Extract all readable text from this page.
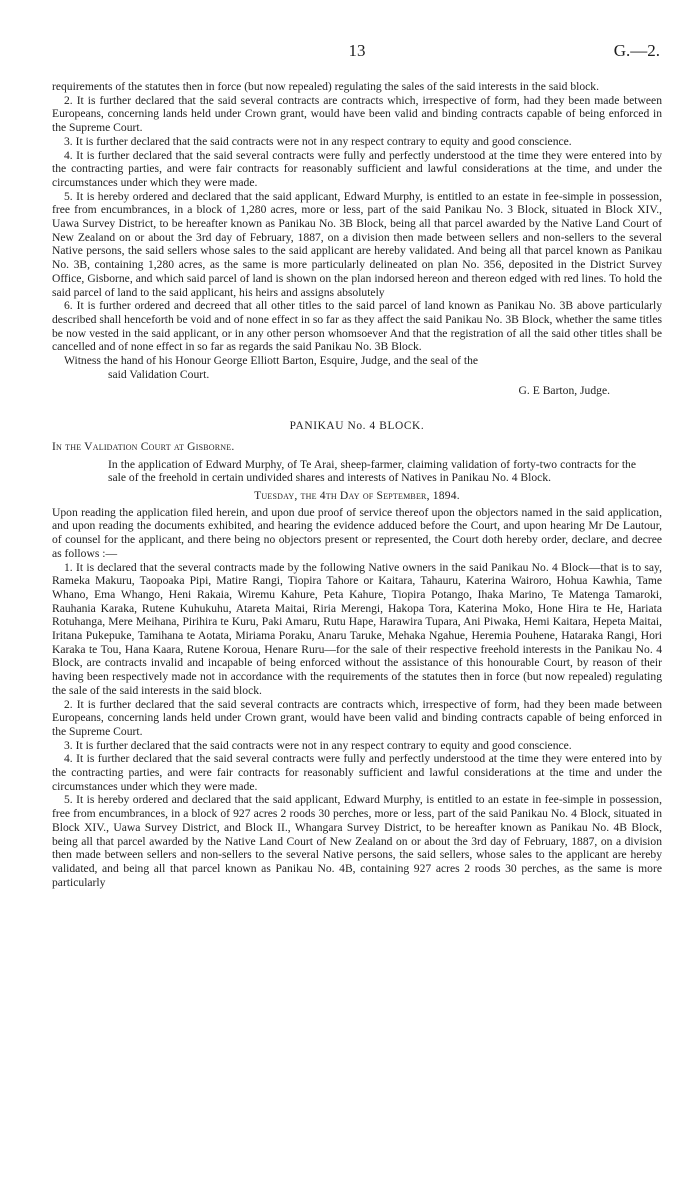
13	G.—2.

requirements of the statutes then in force (but now repealed) regulating the sales of the said interests in the said block.

2. It is further declared that the said several contracts are contracts which, irrespective of form, had they been made between Europeans, concerning lands held under Crown grant, would have been valid and binding contracts capable of being enforced in the Supreme Court.

3. It is further declared that the said contracts were not in any respect contrary to equity and good conscience.

4. It is further declared that the said several contracts were fully and perfectly understood at the time they were entered into by the contracting parties, and were fair contracts for reasonably sufficient and lawful considerations at the time, and under the circumstances under which they were made.

5. It is hereby ordered and declared that the said applicant, Edward Murphy, is entitled to an estate in fee-simple in possession, free from encumbrances, in a block of 1,280 acres, more or less, part of the said Panikau No. 3 Block, situated in Block XIV., Uawa Survey District, to be hereafter known as Panikau No. 3B Block, being all that parcel awarded by the Native Land Court of New Zealand on or about the 3rd day of February, 1887, on a division then made between sellers and non-sellers to the several Native persons, the said sellers whose sales to the said applicant are hereby validated. And being all that parcel known as Panikau No. 3B, containing 1,280 acres, as the same is more particularly delineated on plan No. 356, deposited in the District Survey Office, Gisborne, and which said parcel of land is shown on the plan indorsed hereon and thereon edged with red lines. To hold the said parcel of land to the said applicant, his heirs and assigns absolutely

6. It is further ordered and decreed that all other titles to the said parcel of land known as Panikau No. 3B above particularly described shall henceforth be void and of none effect in so far as they affect the said Panikau No. 3B Block, whether the same titles be now vested in the said applicant, or in any other person whomsoever And that the registration of all the said other titles shall be cancelled and of none effect in so far as regards the said Panikau No. 3B Block.

Witness the hand of his Honour George Elliott Barton, Esquire, Judge, and the seal of the

said Validation Court.

G. E Barton, Judge.

PANIKAU No. 4 BLOCK.

In the Validation Court at Gisborne.

In the application of Edward Murphy, of Te Arai, sheep-farmer, claiming validation of forty-two contracts for the sale of the freehold in certain undivided shares and interests of Natives in Panikau No. 4 Block.

Tuesday, the 4th Day of September, 1894.

Upon reading the application filed herein, and upon due proof of service thereof upon the objectors named in the said application, and upon reading the documents exhibited, and hearing the evidence adduced before the Court, and upon hearing Mr De Lautour, of counsel for the applicant, and there being no objectors present or represented, the Court doth hereby order, declare, and decree as follows :—

1. It is declared that the several contracts made by the following Native owners in the said Panikau No. 4 Block—that is to say, Rameka Makuru, Taopoaka Pipi, Matire Rangi, Tiopira Tahore or Kaitara, Tahauru, Katerina Wairoro, Hohua Kawhia, Tame Whano, Ema Whango, Heni Rakaia, Wiremu Kahure, Peta Kahure, Tiopira Potango, Ihaka Marino, Te Matenga Tamaroki, Rauhania Karaka, Rutene Kuhukuhu, Atareta Maitai, Riria Merengi, Hakopa Tora, Katerina Moko, Hone Hira te He, Hariata Rotuhanga, Mere Meihana, Pirihira te Kuru, Paki Amaru, Rutu Hape, Harawira Tupara, Ani Piwaka, Hemi Kaitara, Hepeta Maitai, Iritana Pukepuke, Tamihana te Aotata, Miriama Poraku, Anaru Taruke, Mehaka Ngahue, Heremia Pouhene, Hataraka Rangi, Hori Karaka te Tou, Hana Kaara, Rutene Koroua, Henare Ruru—for the sale of their respective freehold interests in the Panikau No. 4 Block, are contracts invalid and incapable of being enforced without the assistance of this honourable Court, by reason of their having been respectively made not in accordance with the requirements of the statutes then in force (but now repealed) regulating the sale of the said interests in the said block.

2. It is further declared that the said several contracts are contracts which, irrespective of form, had they been made between Europeans, concerning lands held under Crown grant, would have been valid and binding contracts capable of being enforced in the Supreme Court.

3. It is further declared that the said contracts were not in any respect contrary to equity and good conscience.

4. It is further declared that the said several contracts were fully and perfectly understood at the time they were entered into by the contracting parties, and were fair contracts for reasonably sufficient and lawful considerations at the time and under the circumstances under which they were made.

5. It is hereby ordered and declared that the said applicant, Edward Murphy, is entitled to an estate in fee-simple in possession, free from encumbrances, in a block of 927 acres 2 roods 30 perches, more or less, part of the said Panikau No. 4 Block, situated in Block XIV., Uawa Survey District, and Block II., Whangara Survey District, to be hereafter known as Panikau No. 4B Block, being all that parcel awarded by the Native Land Court of New Zealand on or about the 3rd day of February, 1887, on a division then made between sellers and non-sellers to the several Native persons, the said sellers, whose sales to the applicant are hereby validated, and being all that parcel known as Panikau No. 4B, containing 927 acres 2 roods 30 perches, as the same is more particularly
